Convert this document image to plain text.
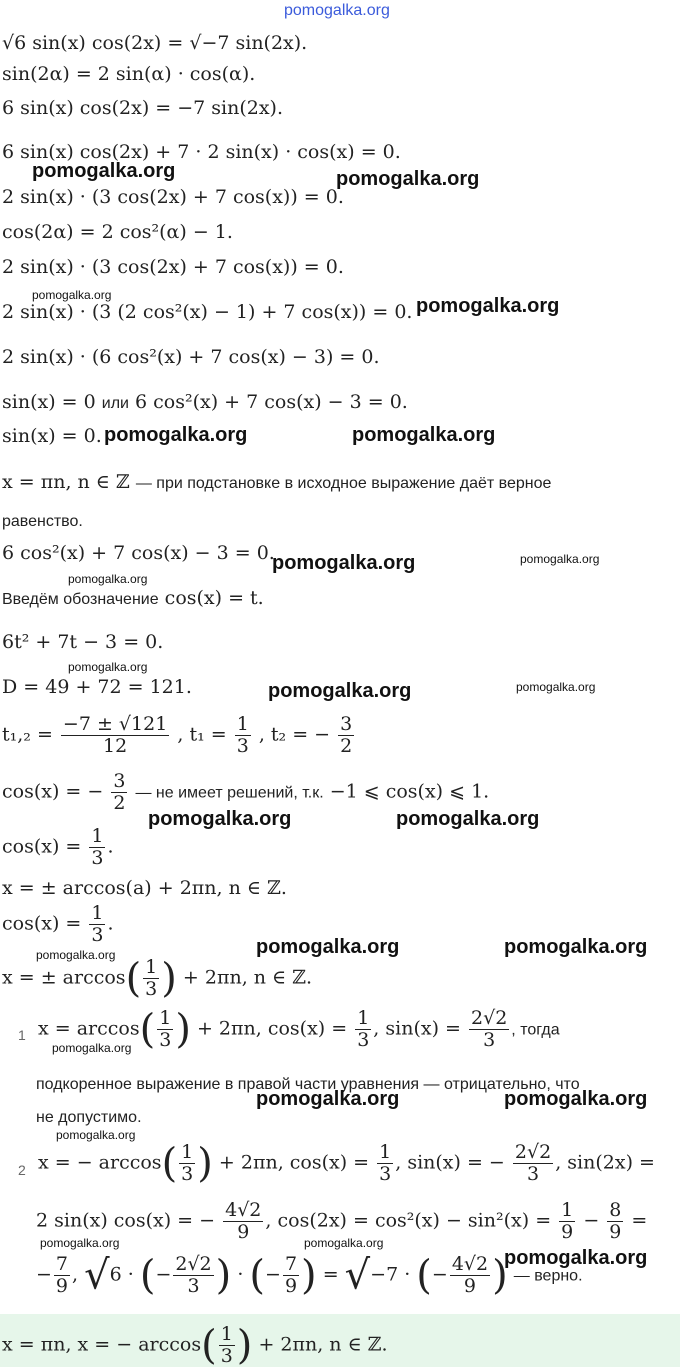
pomogalka.org
√6 sin(x) cos(2x) = √−7 sin(2x).
sin(2α) = 2 sin(α) · cos(α).
6 sin(x) cos(2x) = −7 sin(2x).
6 sin(x) cos(2x) + 7 · 2 sin(x) · cos(x) = 0.
2 sin(x) · (3 cos(2x) + 7 cos(x)) = 0.
cos(2α) = 2 cos²(α) − 1.
2 sin(x) · (3 cos(2x) + 7 cos(x)) = 0.
2 sin(x) · (3 (2 cos²(x) − 1) + 7 cos(x)) = 0.
2 sin(x) · (6 cos²(x) + 7 cos(x) − 3) = 0.
sin(x) = 0 или 6 cos²(x) + 7 cos(x) − 3 = 0.
sin(x) = 0.
x = πn, n ∈ ℤ — при подстановке в исходное выражение даёт верное
равенство.
6 cos²(x) + 7 cos(x) − 3 = 0.
Введём обозначение cos(x) = t.
6t² + 7t − 3 = 0.
D = 49 + 72 = 121.
$t_1,_2 = \frac{-7 \pm √121}{12}$ , $t_1 = \frac{1}{3}$ , t₂ = − $\frac{3}{2}$
cos(x) = − $\frac{3}{2}$ — не имеет решений, т.к. −1 ⩽ cos(x) ⩽ 1.
$\cos(x) = \frac{1}{3}$ .
x = ± arccos(a) + 2πn, n ∈ ℤ.
$\cos(x) = \frac{1}{3}$ .
x = ± $\arccos( \frac{1}{3}$ ) + 2πn, n ∈ ℤ.
1 $x = \arccos( \frac{1}{3}$ ) + 2πn, $\cos(x) = \frac{1}{3}$ , $\sin(x) = \frac{2√2}{3}$ , тогда
подкоренное выражение в правой части уравнения — отрицательно, что
не допустимо.
2 x = − $\arccos( \frac{1}{3}$ ) + 2πn, $\cos(x) = \frac{1}{3}$ , sin(x) = − $\frac{2√2}{3}$ , sin(2x) =
2 sin(x) cos(x) = − $\frac{4√2}{9}$ , $\cos(2x) = \cos^2(x) - \sin^2(x) = \frac{1}{9} - \frac{8}{9}$ =
− $\frac{7}{9}$ , √6 · (− $\frac{2√2}{3}$ ) · (− $\frac{7}{9}$ ) = √−7 · (− $\frac{4√2}{9}$ ) — верно.
x = πn, x = − $\arccos( \frac{1}{3}$ ) + 2πn, n ∈ ℤ.
pomogalka.org	pomogalka.org
pomogalka.org	pomogalka.org
pomogalka.org	pomogalka.org
pomogalka.org	pomogalka.org
pomogalka.org
pomogalka.org
pomogalka.org	pomogalka.org
pomogalka.org	pomogalka.org
pomogalka.org	pomogalka.org
pomogalka.org
pomogalka.org
pomogalka.org	pomogalka.org
pomogalka.org
pomogalka.org	pomogalka.org
pomogalka.org
